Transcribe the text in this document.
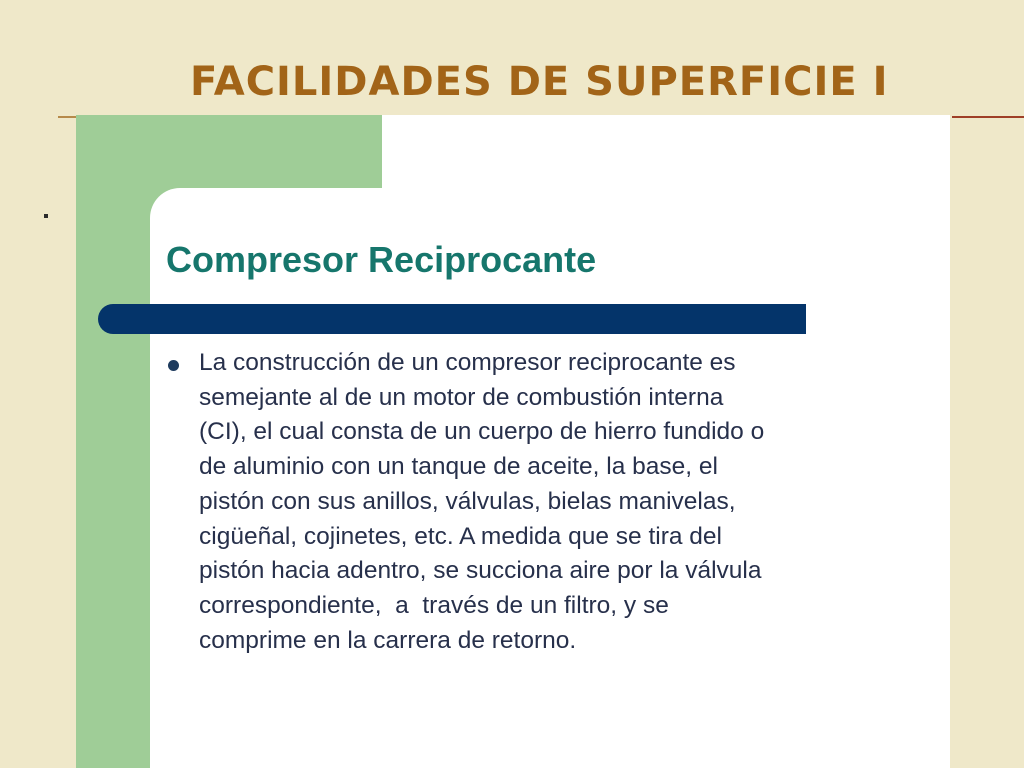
FACILIDADES DE SUPERFICIE I
Compresor Reciprocante

La construcción de un compresor reciprocante es
semejante al de un motor de combustión interna
(CI), el cual consta de un cuerpo de hierro fundido o
de aluminio con un tanque de aceite, la base, el
pistón con sus anillos, válvulas, bielas manivelas,
cigüeñal, cojinetes, etc. A medida que se tira del
pistón hacia adentro, se succiona aire por la válvula
correspondiente,  a  través de un filtro, y se
comprime en la carrera de retorno.
